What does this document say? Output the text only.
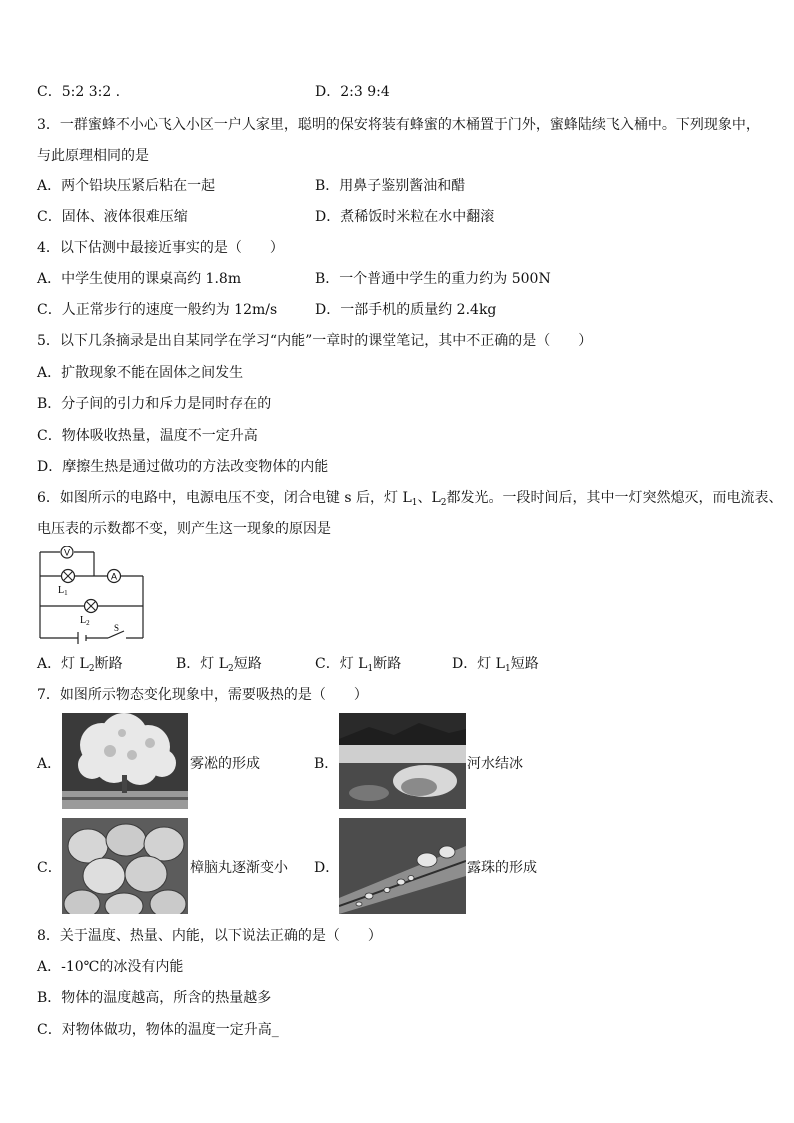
C．5:2 3:2 .	D．2:3 9:4
3．一群蜜蜂不小心飞入小区一户人家里，聪明的保安将装有蜂蜜的木桶置于门外，蜜蜂陆续飞入桶中。下列现象中，
与此原理相同的是
A．两个铅块压紧后粘在一起	B．用鼻子鉴别酱油和醋
C．固体、液体很难压缩	D．煮稀饭时米粒在水中翻滚
4．以下估测中最接近事实的是（　　）
A．中学生使用的课桌高约 1.8m	B．一个普通中学生的重力约为 500N
C．人正常步行的速度一般约为 12m/s	D．一部手机的质量约 2.4kg
5．以下几条摘录是出自某同学在学习“内能”一章时的课堂笔记，其中不正确的是（　　）
A．扩散现象不能在固体之间发生
B．分子间的引力和斥力是同时存在的
C．物体吸收热量，温度不一定升高
D．摩擦生热是通过做功的方法改变物体的内能
6．如图所示的电路中，电源电压不变，闭合电键 s 后，灯 $L_1$、$L_2$都发光。一段时间后，其中一灯突然熄灭，而电流表、
电压表的示数都不变，则产生这一现象的原因是
V
$L_1$
A
$L_2$	S
A．灯 $L_2$断路	B．灯 $L_2$短路	C．灯 $L_1$断路	D．灯 $L_1$短路
7．如图所示物态变化现象中，需要吸热的是（　　）
A．	雾凇的形成	B．	河水结冰
C．	樟脑丸逐渐变小 D．	露珠的形成
8．关于温度、热量、内能，以下说法正确的是（　　）
A．-10℃的冰没有内能
B．物体的温度越高，所含的热量越多
C．对物体做功，物体的温度一定升高_
